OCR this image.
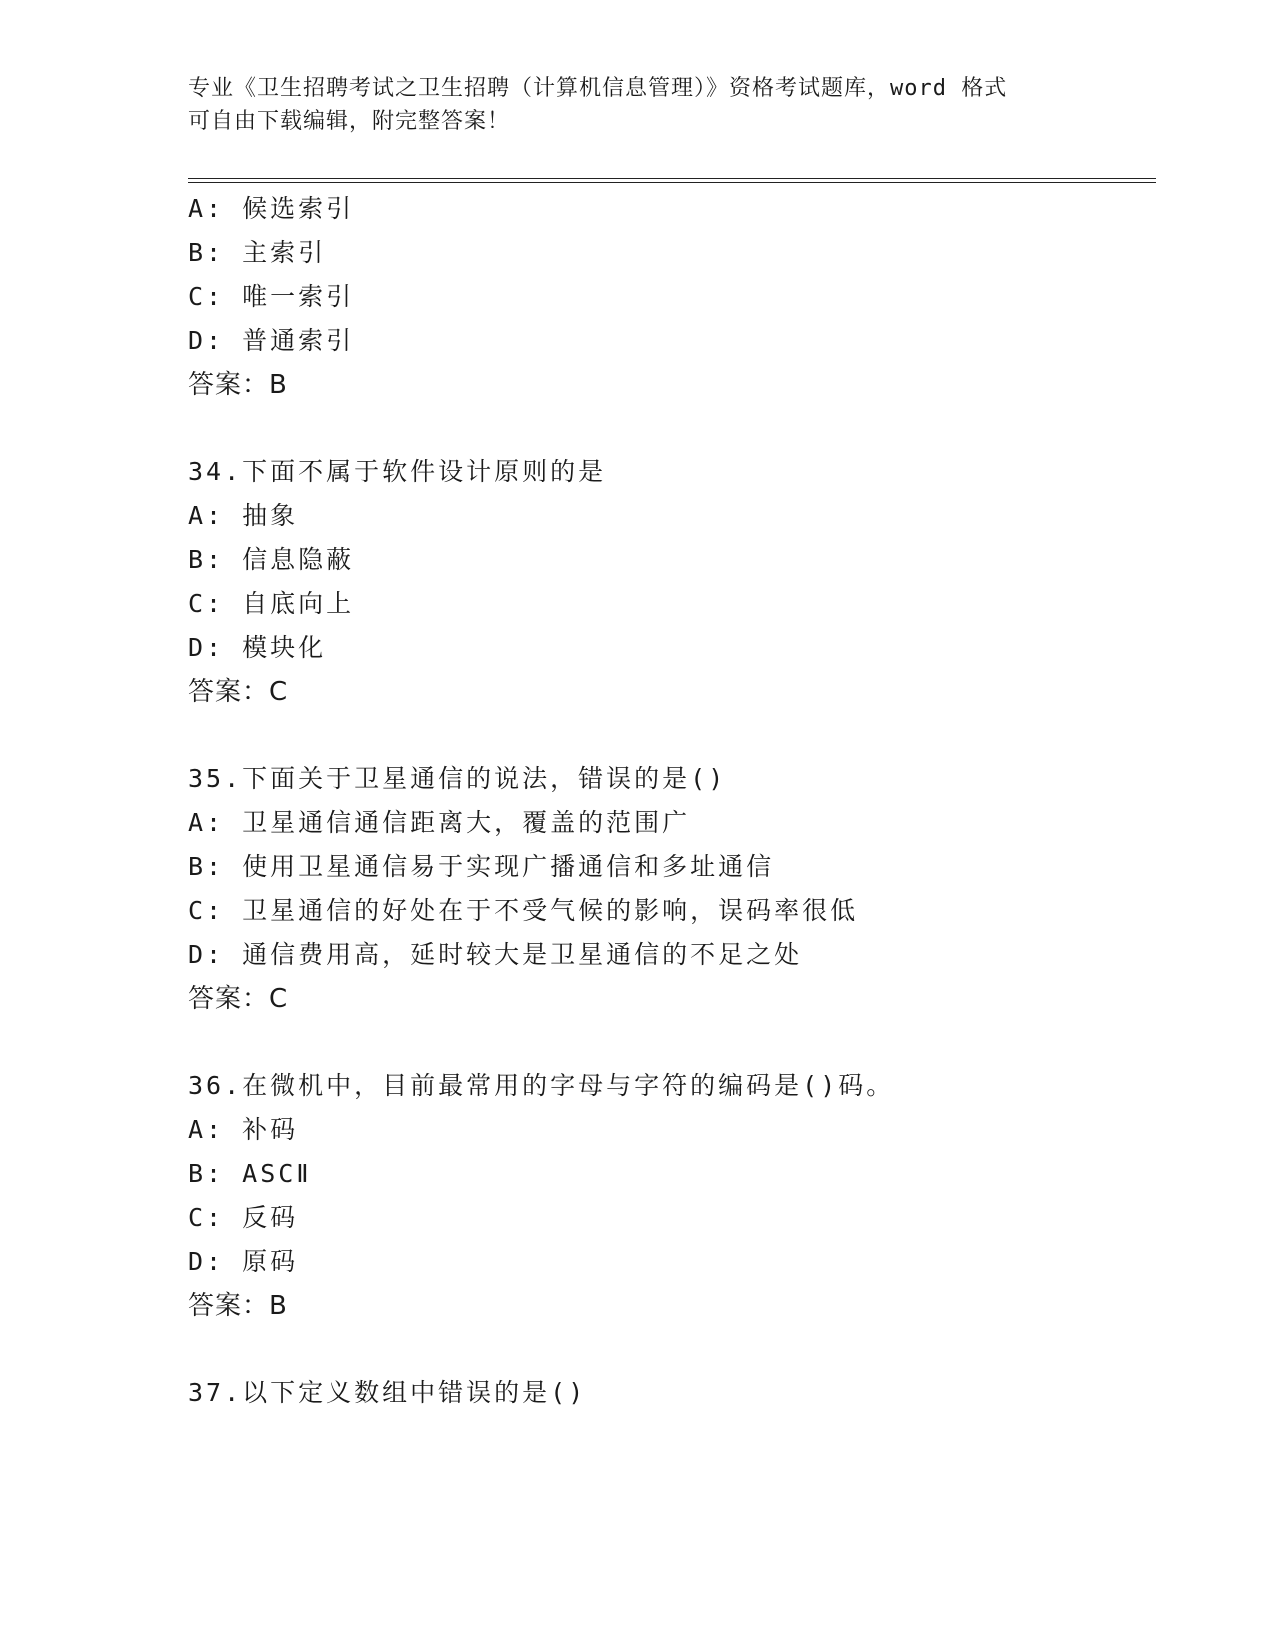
专业《卫生招聘考试之卫生招聘（计算机信息管理）》资格考试题库，word 格式
可自由下载编辑，附完整答案！
A: 候选索引
B: 主索引
C: 唯一索引
D: 普通索引
答案：B
34.下面不属于软件设计原则的是
A: 抽象
B: 信息隐蔽
C: 自底向上
D: 模块化
答案：C
35.下面关于卫星通信的说法，错误的是()
A: 卫星通信通信距离大，覆盖的范围广
B: 使用卫星通信易于实现广播通信和多址通信
C: 卫星通信的好处在于不受气候的影响，误码率很低
D: 通信费用高，延时较大是卫星通信的不足之处
答案：C
36.在微机中，目前最常用的字母与字符的编码是()码。
A: 补码
B: ASCⅡ
C: 反码
D: 原码
答案：B
37.以下定义数组中错误的是()
